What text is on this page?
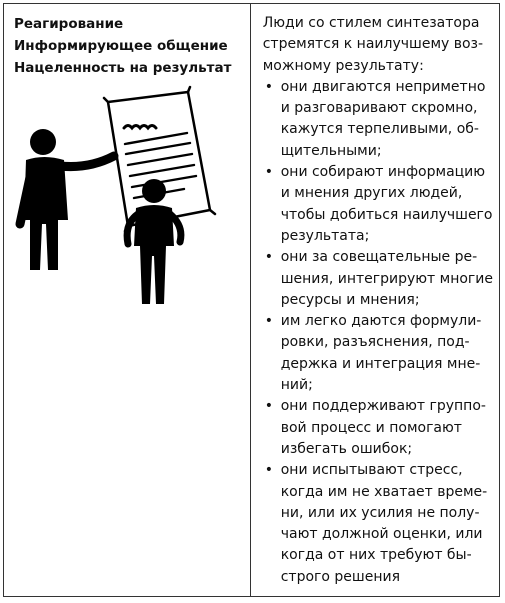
Реагирование
Информирующее общение
Нацеленность на результат

Люди со стилем синтезатора
стремятся к наилучшему воз-
можному результату:

• они двигаются неприметно
и разговаривают скромно,
кажутся терпеливыми, об-
щительными;
• они собирают информацию
и мнения других людей,
чтобы добиться наилучшего
результата;
• они за совещательные ре-
шения, интегрируют многие
ресурсы и мнения;
• им легко даются формули-
ровки, разъяснения, под-
держка и интеграция мне-
ний;
• они поддерживают группо-
вой процесс и помогают
избегать ошибок;
• они испытывают стресс,
когда им не хватает време-
ни, или их усилия не полу-
чают должной оценки, или
когда от них требуют бы-
строго решения
